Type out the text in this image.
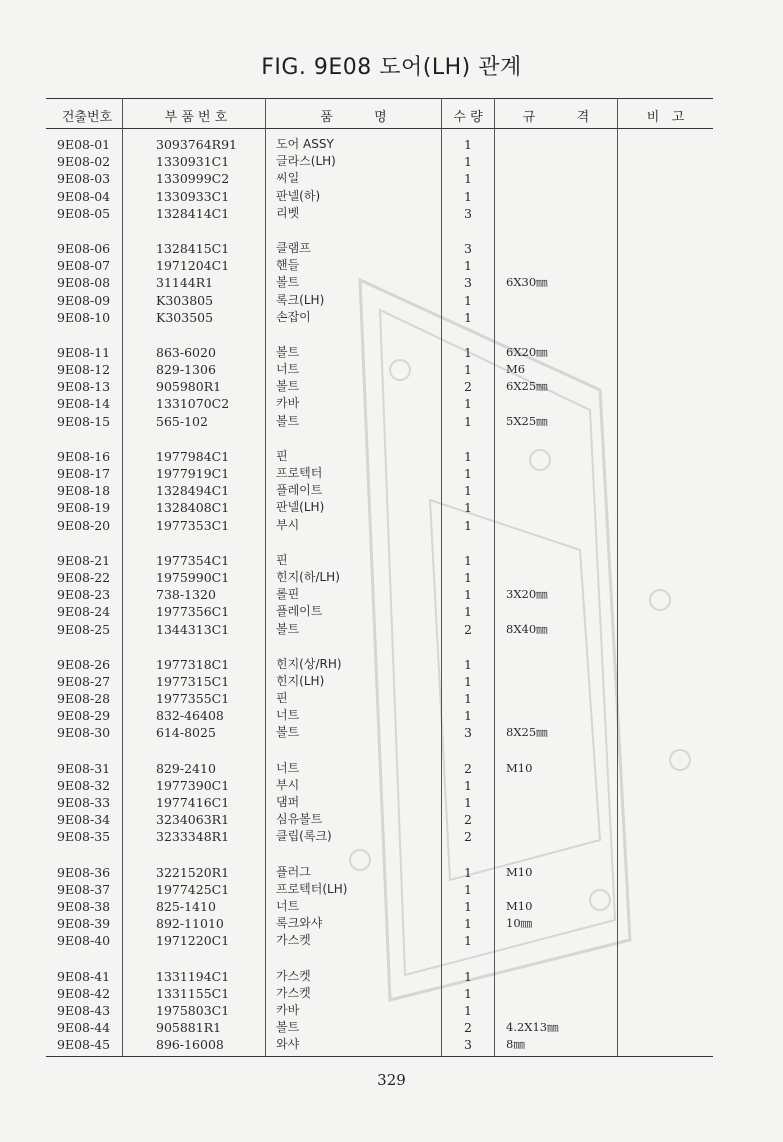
FIG. 9E08 도어(LH) 관계
건출번호	부 품 번 호	품          명	수 량	규          격	비   고
9E08-01	3093764R91	도어 ASSY	1
9E08-02	1330931C1	글라스(LH)	1
9E08-03	1330999C2	씨일	1
9E08-04	1330933C1	판넬(하)	1
9E08-05	1328414C1	리벳	3
9E08-06	1328415C1	클램프	3
9E08-07	1971204C1	핸들	1
9E08-08	31144R1	볼트	3	6X30㎜
9E08-09	K303805	록크(LH)	1
9E08-10	K303505	손잡이	1
9E08-11	863-6020	볼트	1	6X20㎜
9E08-12	829-1306	너트	1	M6
9E08-13	905980R1	볼트	2	6X25㎜
9E08-14	1331070C2	카바	1
9E08-15	565-102	볼트	1	5X25㎜
9E08-16	1977984C1	핀	1
9E08-17	1977919C1	프로텍터	1
9E08-18	1328494C1	플레이트	1
9E08-19	1328408C1	판넬(LH)	1
9E08-20	1977353C1	부시	1
9E08-21	1977354C1	핀	1
9E08-22	1975990C1	힌지(하/LH)	1
9E08-23	738-1320	롤핀	1	3X20㎜
9E08-24	1977356C1	플레이트	1
9E08-25	1344313C1	볼트	2	8X40㎜
9E08-26	1977318C1	힌지(상/RH)	1
9E08-27	1977315C1	힌지(LH)	1
9E08-28	1977355C1	핀	1
9E08-29	832-46408	너트	1
9E08-30	614-8025	볼트	3	8X25㎜
9E08-31	829-2410	너트	2	M10
9E08-32	1977390C1	부시	1
9E08-33	1977416C1	댐퍼	1
9E08-34	3234063R1	심유볼트	2
9E08-35	3233348R1	클립(록크)	2
9E08-36	3221520R1	플러그	1	M10
9E08-37	1977425C1	프로텍터(LH)	1
9E08-38	825-1410	너트	1	M10
9E08-39	892-11010	록크와샤	1	10㎜
9E08-40	1971220C1	가스켓	1
9E08-41	1331194C1	가스켓	1
9E08-42	1331155C1	가스켓	1
9E08-43	1975803C1	카바	1
9E08-44	905881R1	볼트	2	4.2X13㎜
9E08-45	896-16008	와샤	3	8㎜
329
